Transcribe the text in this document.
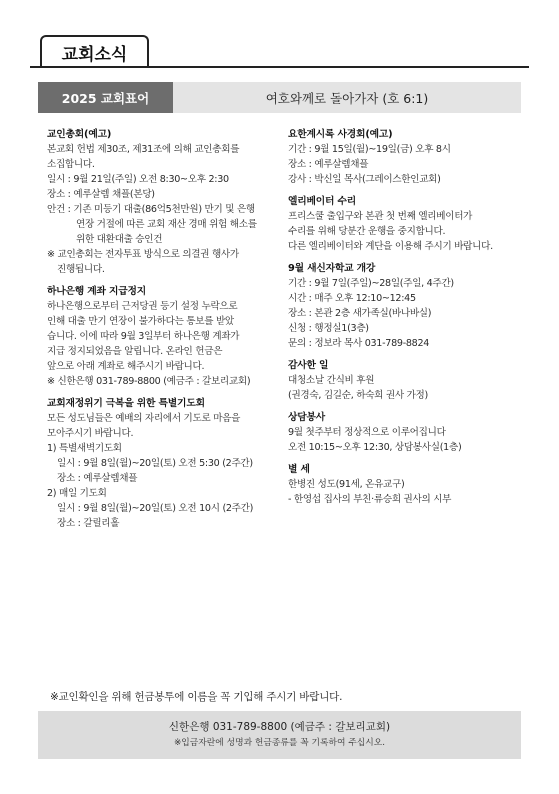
교회소식
2025 교회표어	여호와께로 돌아가자 (호 6:1)
교인총회(예고)
본교회 헌법 제30조, 제31조에 의해 교인총회를
소집합니다.
일시 : 9월 21일(주일) 오전 8:30~오후 2:30
장소 : 예루살렘 채플(본당)
안건 : 기존 미등기 대출(86억5천만원) 만기 및 은행
연장 거절에 따른 교회 재산 경매 위험 해소를
위한 대환대출 승인건
※ 교인총회는 전자투표 방식으로 의결권 행사가
진행됩니다.
하나은행 계좌 지급정지
하나은행으로부터 근저당권 등기 설정 누락으로
인해 대출 만기 연장이 불가하다는 통보를 받았
습니다. 이에 따라 9월 3일부터 하나은행 계좌가
지급 정지되었음을 알립니다. 온라인 헌금은
앞으로 아래 계좌로 해주시기 바랍니다.
※ 신한은행 031-789-8800 (예금주 : 갈보리교회)
교회재정위기 극복을 위한 특별기도회
모든 성도님들은 예배의 자리에서 기도로 마음을
모아주시기 바랍니다.
1) 특별새벽기도회
일시 : 9월 8일(월)~20일(토) 오전 5:30 (2주간)
장소 : 예루살렘채플
2) 매일 기도회
일시 : 9월 8일(월)~20일(토) 오전 10시 (2주간)
장소 : 갈릴리홀
요한계시록 사경회(예고)
기간 : 9월 15일(월)~19일(금) 오후 8시
장소 : 예루살렘채플
강사 : 박신일 목사(그레이스한인교회)
엘리베이터 수리
프리스쿨 출입구와 본관 첫 번째 엘리베이터가
수리를 위해 당분간 운행을 중지합니다.
다른 엘리베이터와 계단을 이용해 주시기 바랍니다.
9월 새신자학교 개강
기간 : 9월 7일(주일)~28일(주일, 4주간)
시간 : 매주 오후 12:10~12:45
장소 : 본관 2층 새가족실(바나바실)
신청 : 행정실1(3층)
문의 : 정보라 목사 031-789-8824
감사한 일
대청소날 간식비 후원
(권경숙, 김길순, 하숙희 권사 가정)
상담봉사
9월 첫주부터 정상적으로 이루어집니다
오전 10:15~오후 12:30, 상담봉사실(1층)
별 세
한병진 성도(91세, 온유교구)
- 한영섭 집사의 부친·류승희 권사의 시부
※교인확인을 위해 헌금봉투에 이름을 꼭 기입해 주시기 바랍니다.
신한은행 031-789-8800 (예금주 : 갈보리교회)
※입금자란에 성명과 헌금종류를 꼭 기록하여 주십시오.
